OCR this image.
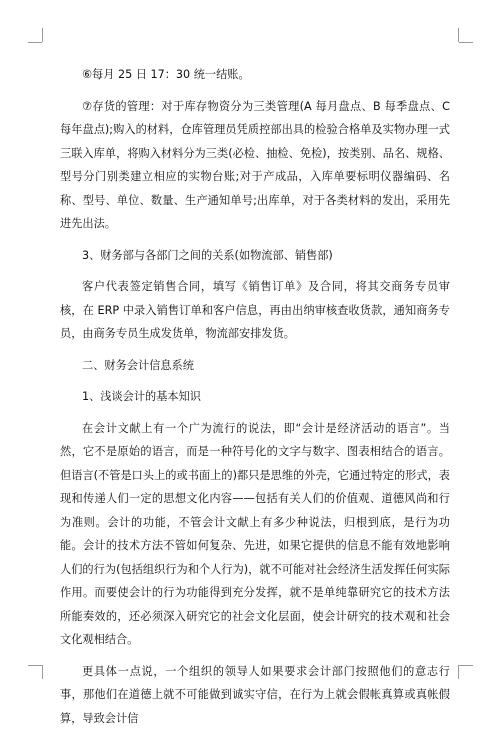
⑥每月 25 日 17：30 统一结账。

⑦存货的管理：对于库存物资分为三类管理(A 每月盘点、B 每季盘点、C 每年盘点);购入的材料，仓库管理员凭质控部出具的检验合格单及实物办理一式三联入库单，将购入材料分为三类(必检、抽检、免检)，按类别、品名、规格、型号分门别类建立相应的实物台账;对于产成品，入库单要标明仪器编码、名称、型号、单位、数量、生产通知单号;出库单，对于各类材料的发出，采用先进先出法。

3、财务部与各部门之间的关系(如物流部、销售部)

客户代表签定销售合同，填写《销售订单》及合同，将其交商务专员审核，在 ERP 中录入销售订单和客户信息，再由出纳审核查收货款，通知商务专员，由商务专员生成发货单，物流部安排发货。

二、财务会计信息系统

1、浅谈会计的基本知识

在会计文献上有一个广为流行的说法，即“会计是经济活动的语言”。当然，它不是原始的语言，而是一种符号化的文字与数字、图表相结合的语言。但语言(不管是口头上的或书面上的)都只是思维的外壳，它通过特定的形式，表现和传递人们一定的思想文化内容——包括有关人们的价值观、道德风尚和行为准则。会计的功能，不管会计文献上有多少种说法，归根到底，是行为功能。会计的技术方法不管如何复杂、先进，如果它提供的信息不能有效地影响人们的行为(包括组织行为和个人行为)，就不可能对社会经济生活发挥任何实际作用。而要使会计的行为功能得到充分发挥，就不是单纯靠研究它的技术方法所能奏效的，还必须深入研究它的社会文化层面，使会计研究的技术观和社会文化观相结合。

更具体一点说，一个组织的领导人如果要求会计部门按照他们的意志行事，那他们在道德上就不可能做到诚实守信，在行为上就会假帐真算或真帐假算，导致会计信
